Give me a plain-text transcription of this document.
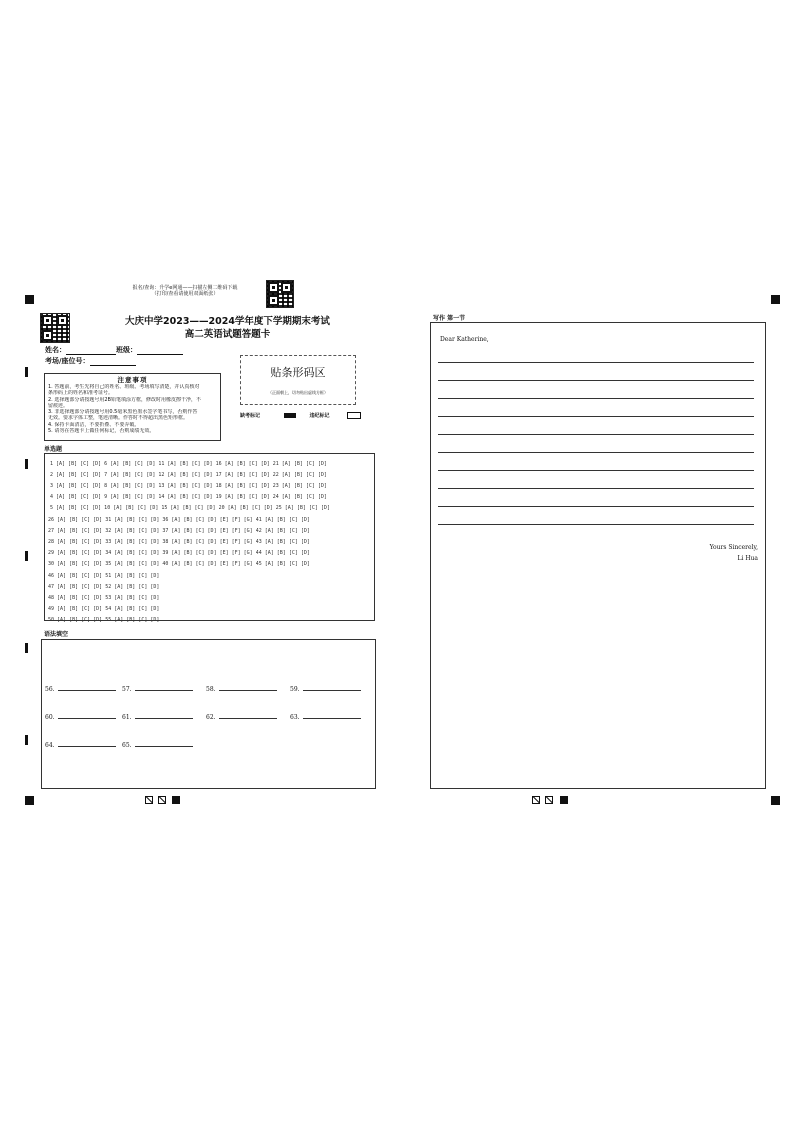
报名/查询：升学e网通——扫描左侧二维码下载
（打印/查看请使用双面纸张）
大庆中学2023——2024学年度下学期期末考试
高二英语试题答题卡
姓名：	班级：
考场/座位号：
注意事项
1. 答题前，考生先将自己的姓名、班级、考场填写清楚，并认真核对
条形码上的姓名和准考证号。
2. 选择题部分请按题号用2B铅笔填涂方框，修改时用橡皮擦干净，不
留痕迹。
3. 非选择题部分请按题号用0.5毫米黑色墨水签字笔书写，否则作答
无效。要求字体工整，笔迹清晰。作答时不得超出黑色矩形框。
4. 保持卡面清洁，不要折叠、不要弄破。
5. 请勿在答题卡上做任何标记，否则成绩无效。
贴条形码区
（正面朝上，切勿贴出虚线方框）
缺考标记	违纪标记
单选题
1 [A] [B] [C] [D] 6 [A] [B] [C] [D] 11 [A] [B] [C] [D] 16 [A] [B] [C] [D] 21 [A] [B] [C] [D]
2 [A] [B] [C] [D] 7 [A] [B] [C] [D] 12 [A] [B] [C] [D] 17 [A] [B] [C] [D] 22 [A] [B] [C] [D]
3 [A] [B] [C] [D] 8 [A] [B] [C] [D] 13 [A] [B] [C] [D] 18 [A] [B] [C] [D] 23 [A] [B] [C] [D]
4 [A] [B] [C] [D] 9 [A] [B] [C] [D] 14 [A] [B] [C] [D] 19 [A] [B] [C] [D] 24 [A] [B] [C] [D]
5 [A] [B] [C] [D] 10 [A] [B] [C] [D] 15 [A] [B] [C] [D] 20 [A] [B] [C] [D] 25 [A] [B] [C] [D]
26 [A] [B] [C] [D] 31 [A] [B] [C] [D] 36 [A] [B] [C] [D] [E] [F] [G] 41 [A] [B] [C] [D]
27 [A] [B] [C] [D] 32 [A] [B] [C] [D] 37 [A] [B] [C] [D] [E] [F] [G] 42 [A] [B] [C] [D]
28 [A] [B] [C] [D] 33 [A] [B] [C] [D] 38 [A] [B] [C] [D] [E] [F] [G] 43 [A] [B] [C] [D]
29 [A] [B] [C] [D] 34 [A] [B] [C] [D] 39 [A] [B] [C] [D] [E] [F] [G] 44 [A] [B] [C] [D]
30 [A] [B] [C] [D] 35 [A] [B] [C] [D] 40 [A] [B] [C] [D] [E] [F] [G] 45 [A] [B] [C] [D]
46 [A] [B] [C] [D] 51 [A] [B] [C] [D]
47 [A] [B] [C] [D] 52 [A] [B] [C] [D]
48 [A] [B] [C] [D] 53 [A] [B] [C] [D]
49 [A] [B] [C] [D] 54 [A] [B] [C] [D]
50 [A] [B] [C] [D] 55 [A] [B] [C] [D]
语法填空
56.	57.	58.	59.
60.	61.	62.	63.
64.	65.
写作 第一节
Dear Katherine,
Yours Sincerely,
Li Hua
